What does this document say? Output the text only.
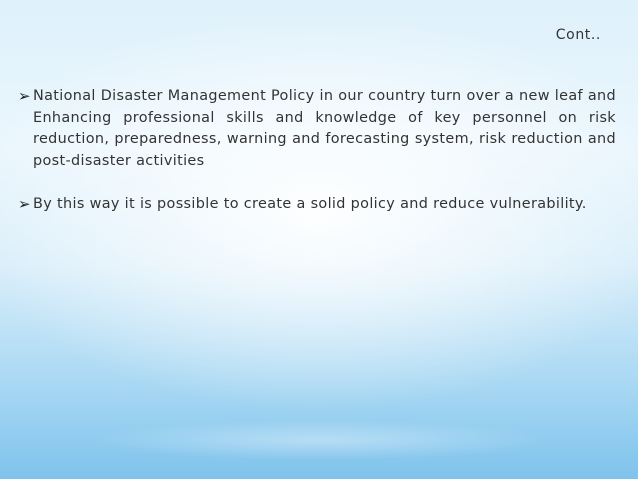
Cont..
➢ National Disaster Management Policy in our country turn over a new leaf and Enhancing professional skills and knowledge of key personnel on risk reduction, preparedness, warning and forecasting system, risk reduction and post-disaster activities
➢ By this way it is possible to create a solid policy and reduce vulnerability.
